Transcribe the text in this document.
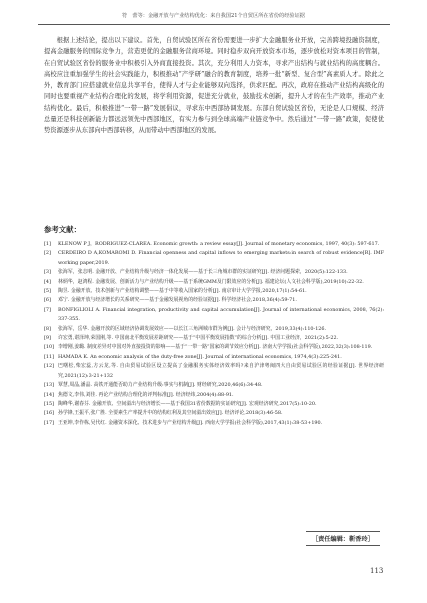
符　蕾等：金融开放与产业结构优化：来自我国21个自贸区所在省份的经验证据

根据上述结论，提出以下建议。首先，自贸试验区所在省份需要进一步扩大金融服务业开放，完善跨境投融资制度，提高金融服务的国际竞争力，营造更优的金融服务营商环境。同时稳步双向开放资本市场，逐步放松对资本项目的管制，在自贸试验区省份的服务业中积极引入外商直接投资。其次，充分利用人力资本，寻求产出结构与就业结构的高度耦合。高校应注重加强学生的社会实践能力，积极推动“产学研”融合的教育制度，培养一批“新型、复合型”高素质人才。除此之外，教育部门应搭建就业信息共享平台，使得人才与企业能够双向选择，供求匹配。再次，政府在推动产业结构高级化的同时也要重视产业结构合理化的发展，将学利用资源，促进充分就业，鼓励技术创新，提升人才的在生产效率，推动产业结构优化。最后，积极推进“一带一路”发展倡议，寻求东中西部协调发展。东部自贸试验区省份，无论是人口规模、经济总量还是科技创新能力都远远领先中西部地区，有实力参与到全球高端产业链竞争中。然后通过“一带一路”政策，促使优势资源逐步从东部向中西部转移，从而带动中西部地区的发展。

参考文献：
[1] KLENOW P J，RODRIGUEZ-CLAREA. Economic growth: a review essay[J]. Journal of monetary economics, 1997, 40(3): 597-617.
[2] CERDEIRO D A,KOMAROMI D. Financial openness and capital inflows to emerging markets:in search of robust evidence[R]. IMF working paper,2019.
[3] 张海军，张志明. 金融开放、产业结构升级与经济一体化发展——基于长三角城市群的实证研究[J]. 经济问题探索，2020(5):122-133.
[4] 林炳华，赵鸿程. 金融发展、创新活力与产业结构升级——基于系统GMM及门限效应的分析[J]. 福建论坛(人文社会科学版),2019(10):22-32.
[5] 陶昱. 金融开放、技术创新与产业结构调整——基于中等收入国家的分析[J]. 南京审计大学学报,2020,17(1):54-61.
[6] 邓宁. 金融开放与经济增长的关系研究——基于金融发展视角的经验证据[J]. 科学经济社会,2018,36(4):59-71.
[7] BONFIGLIOLI A. Financial integration, productivity and capital accumulation[J]. Journal of international economics, 2008, 76(2): 337-355.
[8] 张海军，岳华. 金融开放的区域经济协调发展效应——以长江三角洲城市群为例[J]. 会计与经济研究，2019,33(4):110-126.
[9] 许宏勇,谌泽坤,荣国刚,等. 中国南北平衡发展差距研究——基于“中国平衡发展指数”的综合分析[J]. 中国工业经济，2021(2):5-22.
[10] 李增刚,姜璐. 制度差异对中国对外直接投资的影响——基于“一带一路”国家的调节效应分析[J]. 济南大学学报(社会科学版),2022,32(3):108-119.
[11] HAMADA K. An economic analysis of the duty-free zone[J]. Journal of international economics, 1974,4(3):225-241.
[12] 巴曙松,柴宏蕊,方云龙,等. 自由贸易试验区设立提高了金融服务实体经济效率吗?来自沪津粤闽四大自由贸易试验区的经验证据[J]. 世界经济研究,2021(12):3-21+132
[13] 覃慧,周晶,潘晶. 高铁开通能否助力产业结构升级:事实与机制[J]. 财经研究,2020,46(6):34-48.
[14] 焦德文,李伟,刘佳. 再论产业结构合理化的评判标准[J]. 经济经纬,2004(4):88-91.
[15] 陶峰华,谢春芬. 金融开放、空间溢出与经济增长——基于我国31省份数据的实证研究[J]. 宏观经济研究,2017(5):10-20.
[16] 孙学锋,王振平,张广胜. 全要素生产率提升中的结构红利及其空间溢出效应[J]. 经济评论,2018(3):46-58.
[17] 王亚坤,李作栋,吴代红. 金融资本深化、技术进步与产业结构升级[J]. 西南大学学报(社会科学版),2017,43(1):38-53+190.
［责任编辑：靳香玲］
113
